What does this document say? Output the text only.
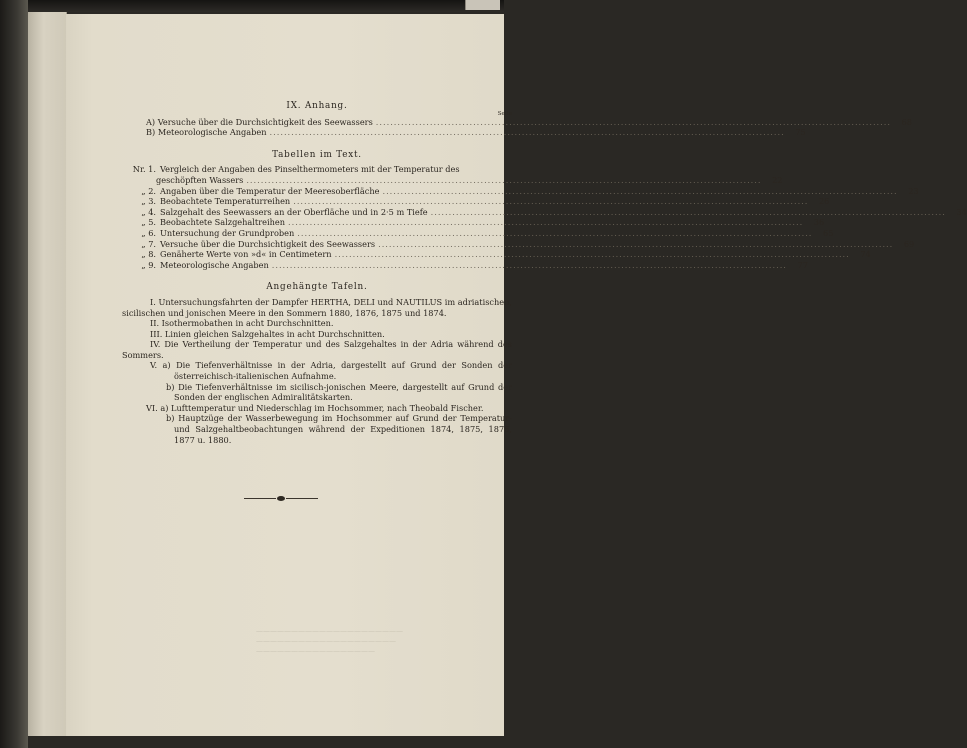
IX. Anhang.
Seite
A) Versuche über die Durchsichtigkeit des Seewassers .....	68
B) Meteorologische Angaben .....	75
Tabellen im Text.
Nr. 1. Vergleich der Angaben des Pinselthermometers mit der Temperatur des
geschöpften Wassers .....	22
„ 2. Angaben über die Temperatur der Meeresoberfläche .....	23
„ 3. Beobachtete Temperaturreihen .....	26
„ 4. Salzgehalt des Seewassers an der Oberfläche und in 2·5 m Tiefe .....	34
„ 5. Beobachtete Salzgehaltreihen .....	36
„ 6. Untersuchung der Grundproben .....	65
„ 7. Versuche über die Durchsichtigkeit des Seewassers .....	69
„ 8. Genäherte Werte von »d« in Centimetern .....	74
„ 9. Meteorologische Angaben .....	77
Angehängte Tafeln.
I. Untersuchungsfahrten der Dampfer HERTHA, DELI und NAUTILUS im adriatischen, sicilischen und jonischen Meere in den Sommern 1880, 1876, 1875 und 1874.
II. Isothermobathen in acht Durchschnitten.
III. Linien gleichen Salzgehaltes in acht Durchschnitten.
IV. Die Vertheilung der Temperatur und des Salzgehaltes in der Adria während des Sommers.
V. a) Die Tiefenverhältnisse in der Adria, dargestellt auf Grund der Sonden der österreichisch-italienischen Aufnahme.
b) Die Tiefenverhältnisse im sicilisch-jonischen Meere, dargestellt auf Grund der Sonden der englischen Admiralitätskarten.
VI. a) Lufttemperatur und Niederschlag im Hochsommer, nach Theobald Fischer.
b) Hauptzüge der Wasserbewegung im Hochsommer auf Grund der Temperatur- und Salzgehaltbeobachtungen während der Expeditionen 1874, 1875, 1876, 1877 u. 1880.
—————————————————————
————————————————————
—————————————————
